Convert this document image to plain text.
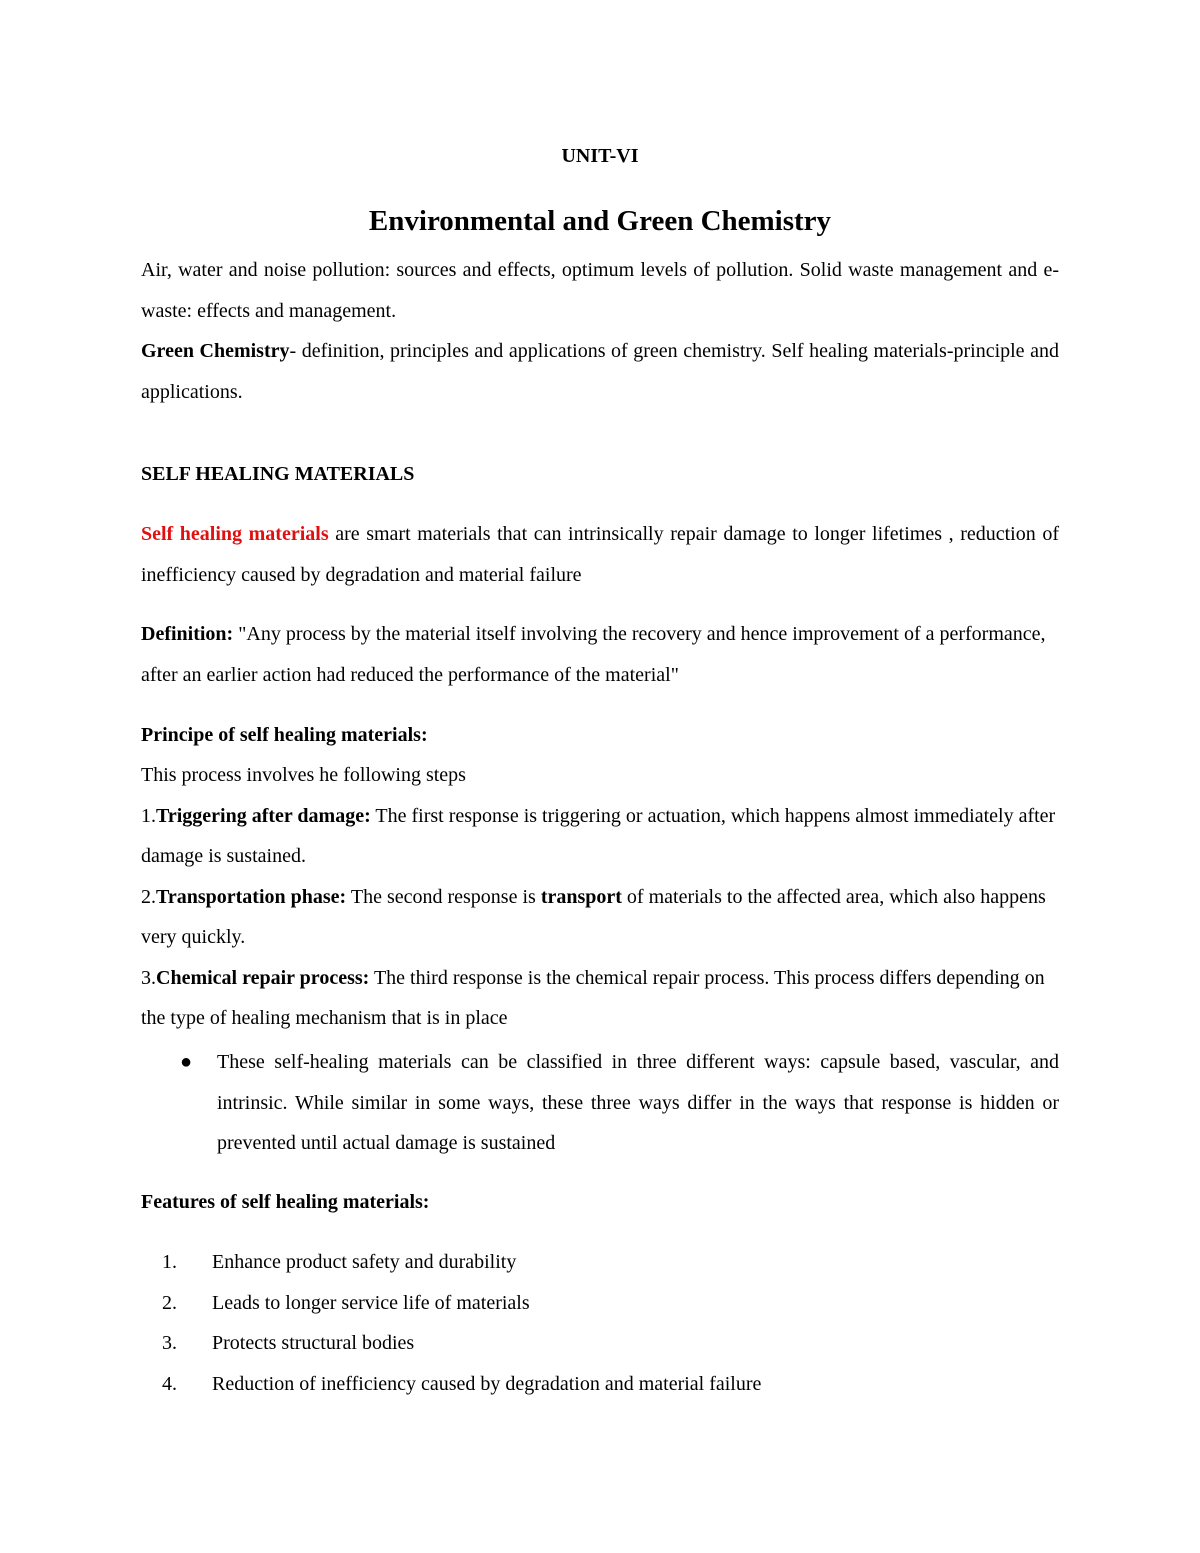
UNIT-VI
Environmental and Green Chemistry

Air, water and noise pollution: sources and effects, optimum levels of pollution. Solid waste management and e-waste: effects and management.

Green Chemistry- definition, principles and applications of green chemistry. Self healing materials-principle and applications.

SELF HEALING MATERIALS

Self healing materials are smart materials that can intrinsically repair damage to longer lifetimes , reduction of inefficiency caused by degradation and material failure

Definition: "Any process by the material itself involving the recovery and hence improvement of a performance, after an earlier action had reduced the performance of the material"

Principe of self healing materials:
This process involves he following steps
1.Triggering after damage: The first response is triggering or actuation, which happens almost immediately after damage is sustained.
2.Transportation phase: The second response is transport of materials to the affected area, which also happens very quickly.
3.Chemical repair process: The third response is the chemical repair process. This process differs depending on the type of healing mechanism that is in place
● These self-healing materials can be classified in three different ways: capsule based, vascular, and intrinsic. While similar in some ways, these three ways differ in the ways that response is hidden or prevented until actual damage is sustained

Features of self healing materials:
1. Enhance product safety and durability
2. Leads to longer service life of materials
3. Protects structural bodies
4. Reduction of inefficiency caused by degradation and material failure
